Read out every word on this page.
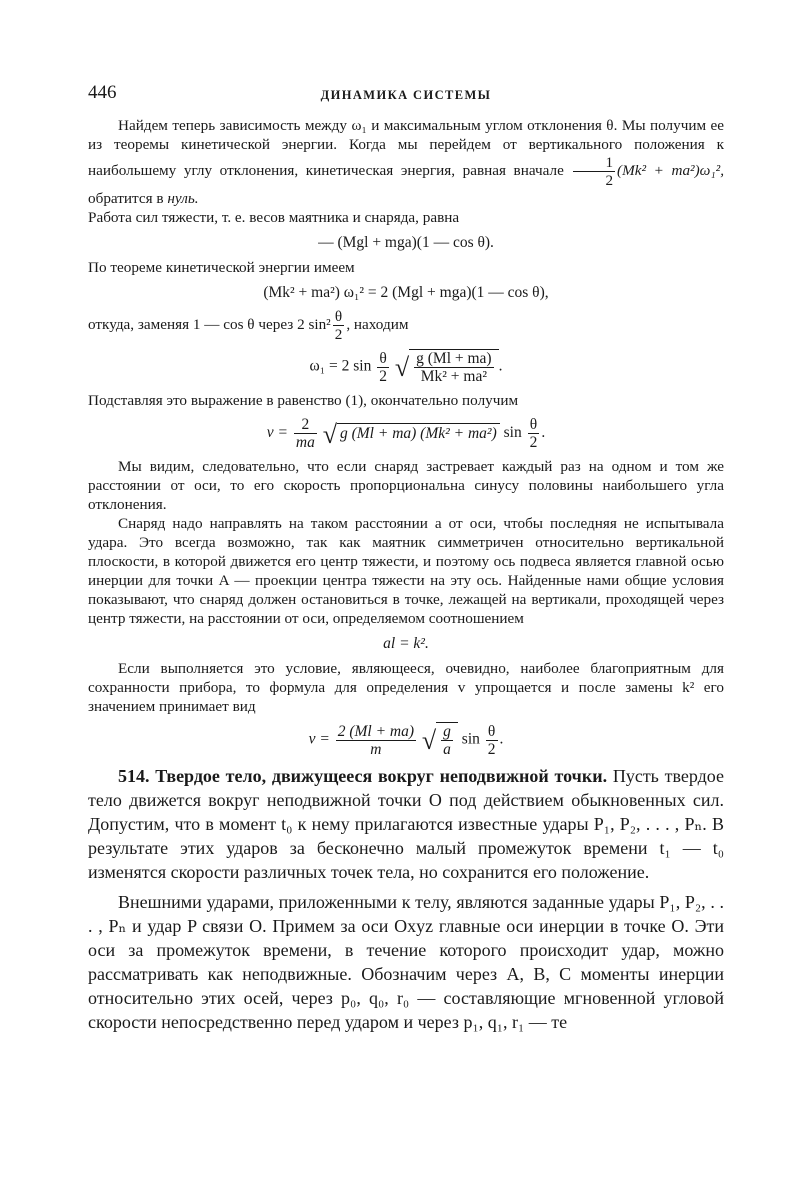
446	ДИНАМИКА СИСТЕМЫ

Найдем теперь зависимость между ω₁ и максимальным углом отклонения θ. Мы получим ее из теоремы кинетической энергии. Когда мы перейдем от вертикального положения к наибольшему углу отклонения, кинетическая энергия, равная вначале $\frac{1}{2} (Mk^2 + ma^2)\omega_1^2$, обратится в нуль.

Работа сил тяжести, т. е. весов маятника и снаряда, равна

— (Mgl + mga)(1 — cos θ).

По теореме кинетической энергии имеем

(Mk² + ma²) ω₁² = 2 (Mgl + mga)(1 — cos θ),

откуда, заменяя 1 — cos θ через 2 $\sin^2 \frac{\theta}{2}$ , находим

ω₁ = 2 $\sin \frac{\theta}{2}$ √ $\frac{g (Ml + ma)}{\text{Mk² + ma²}}$ .

Подставляя это выражение в равенство (1), окончательно получим

$v = \frac{2}{ma}$ √ g (Ml + ma) (Mk² + ma²) $\sin \frac{\theta}{2}$ .

Мы видим, следовательно, что если снаряд застревает каждый раз на одном и том же расстоянии от оси, то его скорость пропорциональна синусу половины наибольшего угла отклонения.

Снаряд надо направлять на таком расстоянии a от оси, чтобы последняя не испытывала удара. Это всегда возможно, так как маятник симметричен относительно вертикальной плоскости, в которой движется его центр тяжести, и поэтому ось подвеса является главной осью инерции для точки A — проекции центра тяжести на эту ось. Найденные нами общие условия показывают, что снаряд должен остановиться в точке, лежащей на вертикали, проходящей через центр тяжести, на расстоянии от оси, определяемом соотношением

al = k².

Если выполняется это условие, являющееся, очевидно, наиболее благоприятным для сохранности прибора, то формула для определения v упрощается и после замены k² его значением принимает вид

$v = \frac{2 (Ml + ma)}{m}$ √ $\frac{g}{a}$ $\sin \frac{\theta}{2}$ .

514. Твердое тело, движущееся вокруг неподвижной точки. Пусть твердое тело движется вокруг неподвижной точки O под действием обыкновенных сил. Допустим, что в момент t₀ к нему прилагаются известные удары P₁, P₂, . . . , Pₙ. В результате этих ударов за бесконечно малый промежуток времени t₁ — t₀ изменятся скорости различных точек тела, но сохранится его положение.

Внешними ударами, приложенными к телу, являются заданные удары P₁, P₂, . . . , Pₙ и удар P связи O. Примем за оси Oxyz главные оси инерции в точке O. Эти оси за промежуток времени, в течение которого происходит удар, можно рассматривать как неподвижные. Обозначим через A, B, C моменты инерции относительно этих осей, через p₀, q₀, r₀ — составляющие мгновенной угловой скорости непосредственно перед ударом и через p₁, q₁, r₁ — те
